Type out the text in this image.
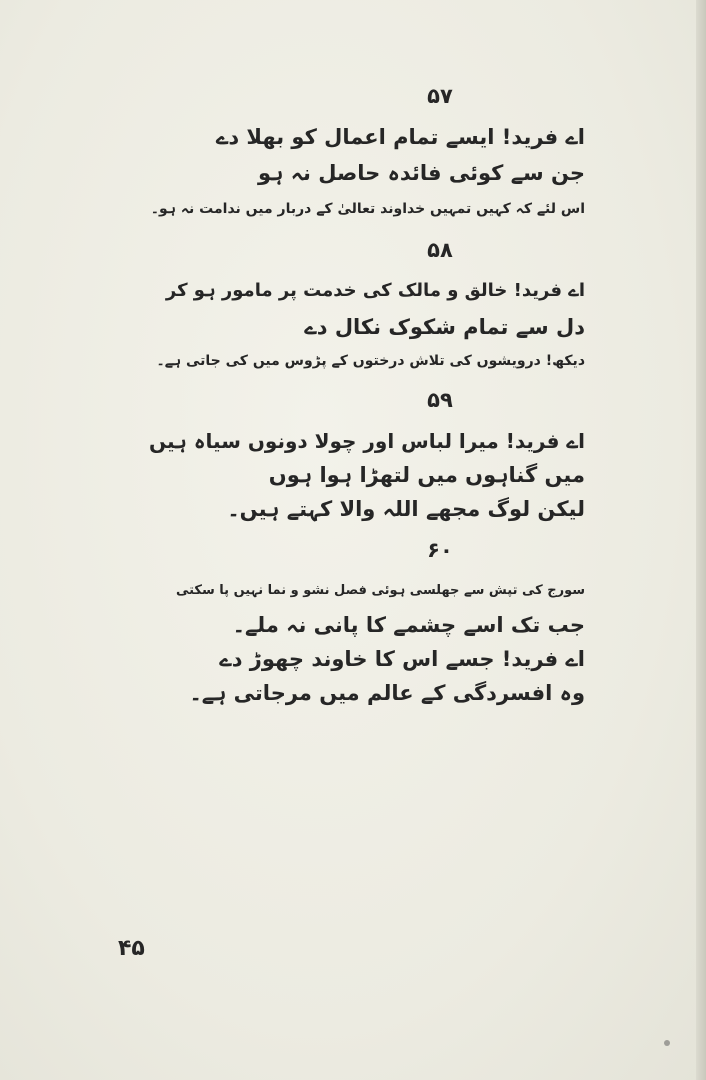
۵۷
اے فرید! ایسے تمام اعمال کو بھلا دے
جن سے کوئی فائدہ حاصل نہ ہو
اس لئے کہ کہیں تمہیں خداوند تعالیٰ کے دربار میں ندامت نہ ہو۔
۵۸
اے فرید! خالق و مالک کی خدمت پر مامور ہو کر
دل سے تمام شکوک نکال دے
دیکھ! درویشوں کی تلاش درختوں کے پڑوس میں کی جاتی ہے۔
۵۹
اے فرید! میرا لباس اور چولا دونوں سیاہ ہیں
میں گناہوں میں لتھڑا ہوا ہوں
لیکن لوگ مجھے اللہ والا کہتے ہیں۔
۶۰
سورج کی تپش سے جھلسی ہوئی فصل نشو و نما نہیں پا سکتی
جب تک اسے چشمے کا پانی نہ ملے۔
اے فرید! جسے اس کا خاوند چھوڑ دے
وہ افسردگی کے عالم میں مرجاتی ہے۔
۴۵
